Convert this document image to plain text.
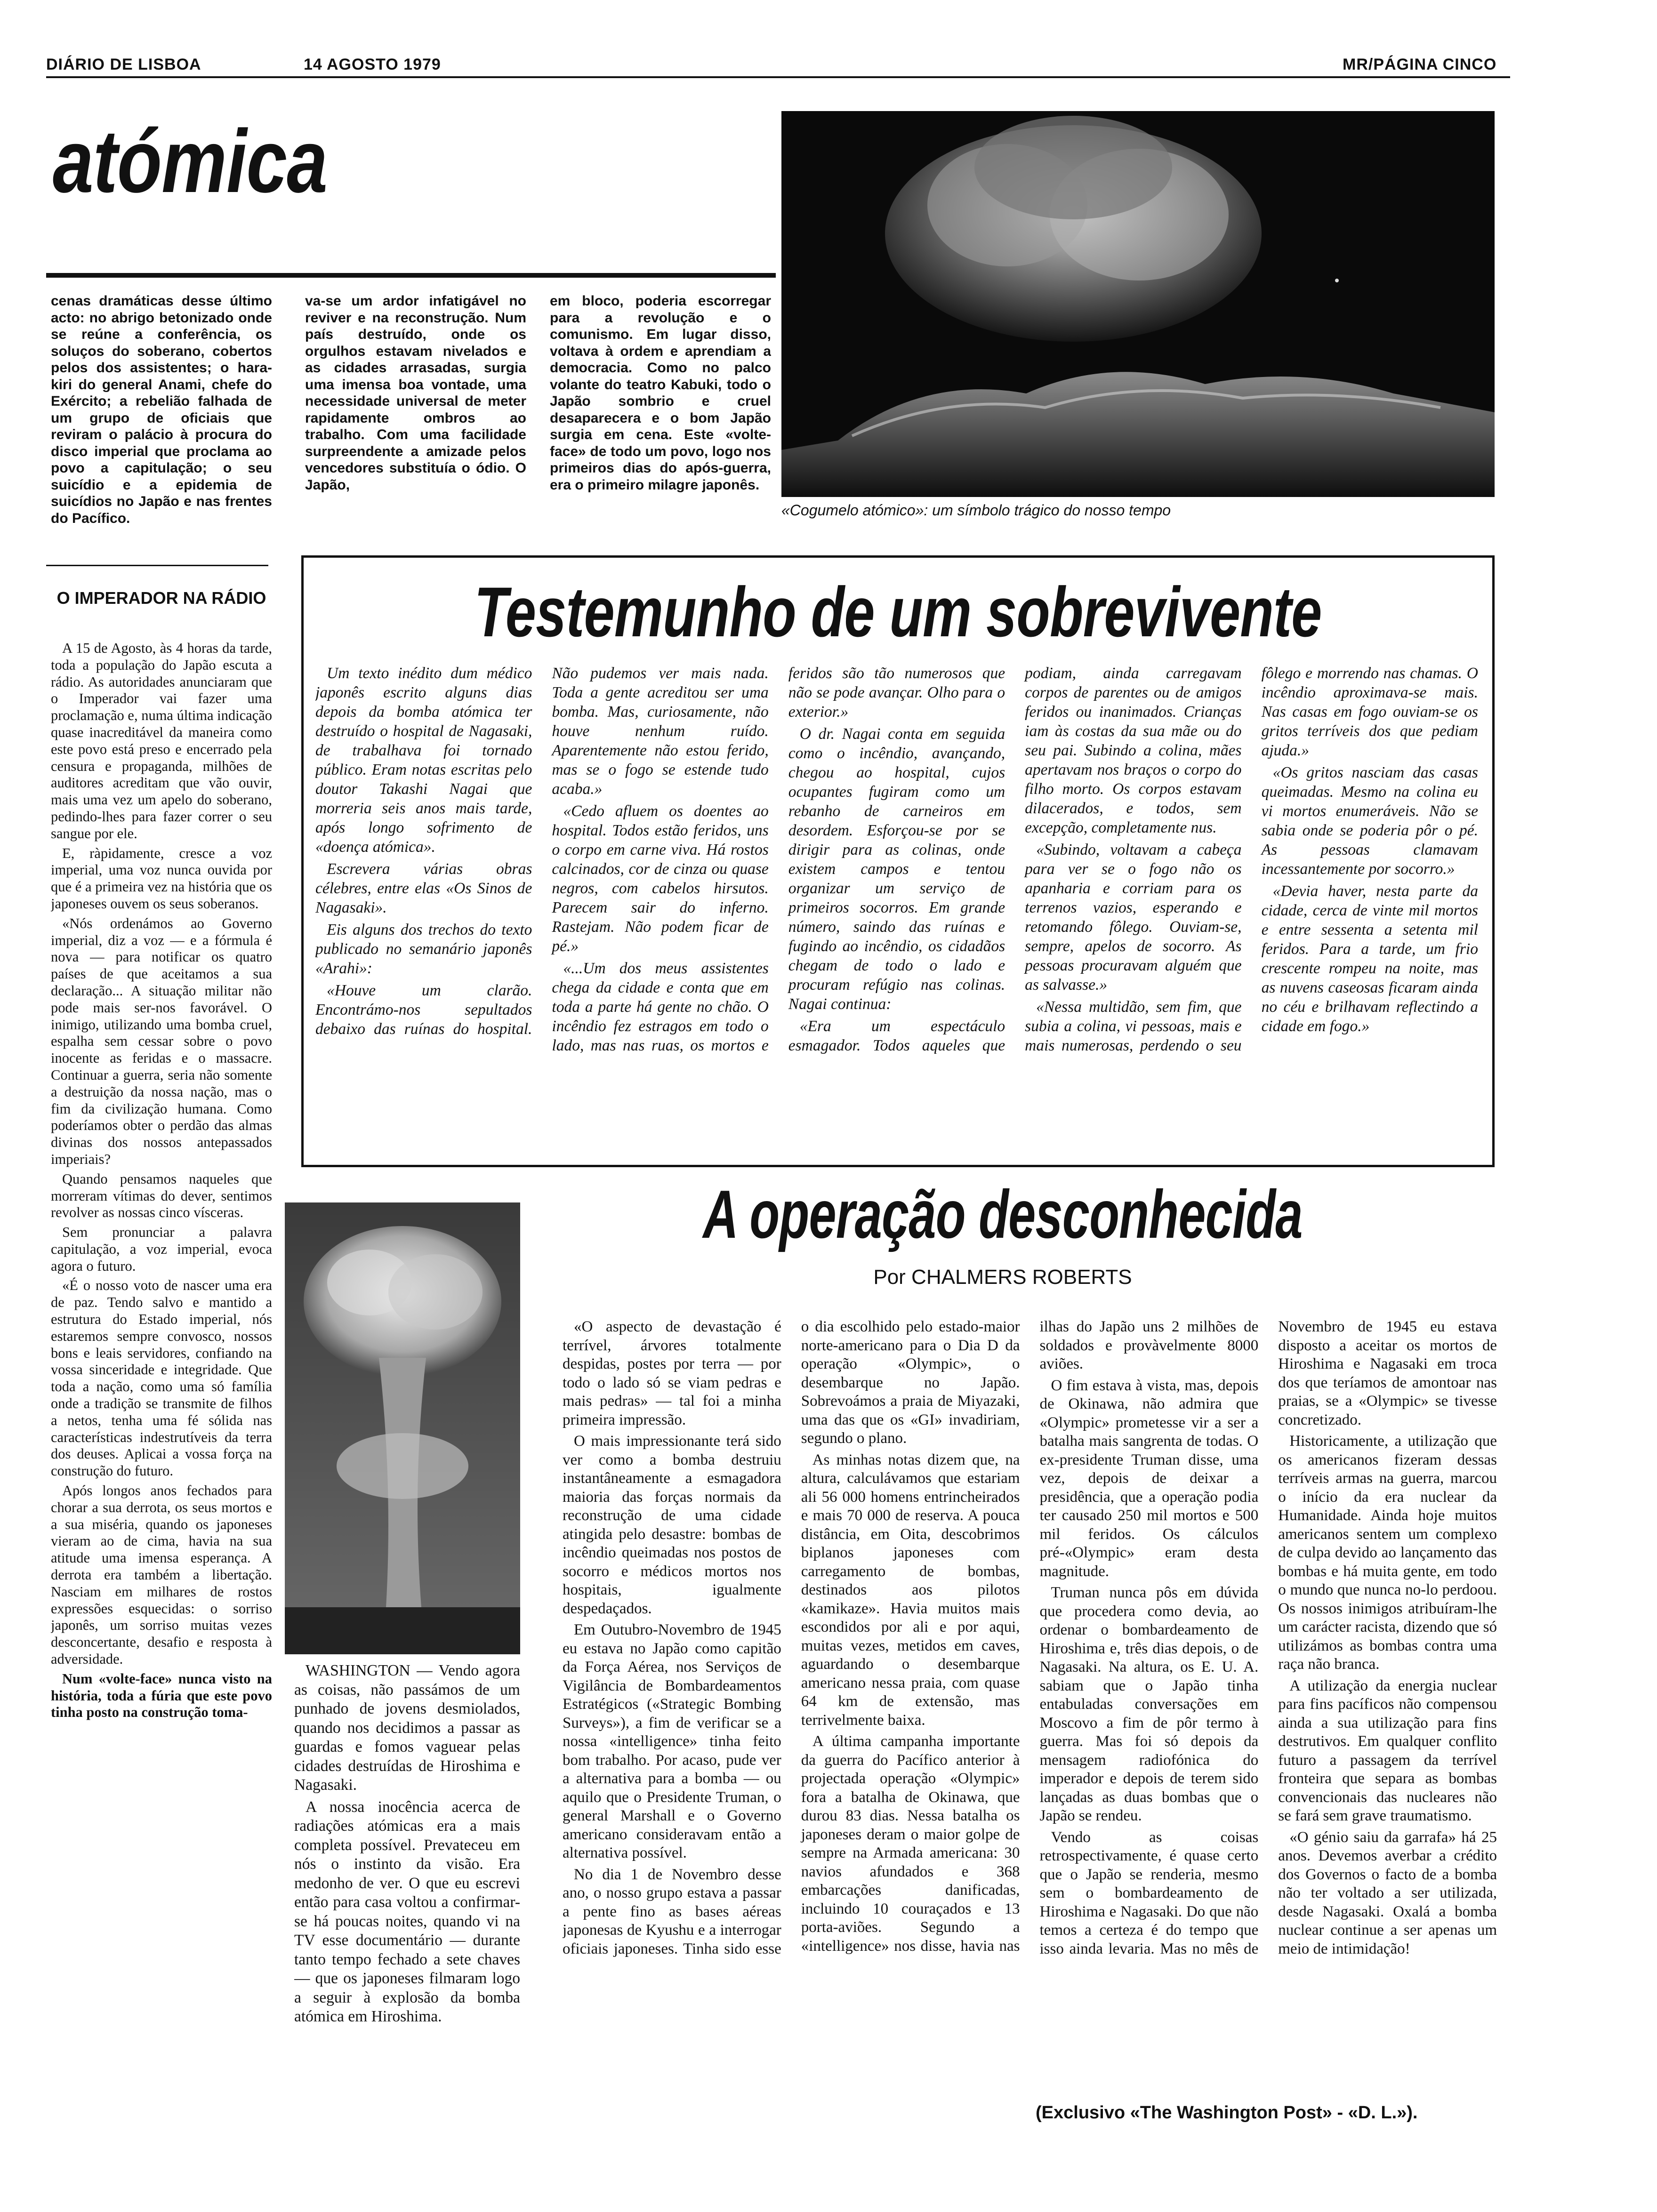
DIÁRIO DE LISBOA	14 AGOSTO 1979	MR/PÁGINA CINCO
atómica
cenas dramáticas desse último acto: no abrigo betonizado onde se reúne a conferência, os soluços do soberano, cobertos pelos dos assistentes; o hara-kiri do general Anami, chefe do Exército; a rebelião falhada de um grupo de oficiais que reviram o palácio à procura do disco imperial que proclama ao povo a capitulação; o seu suicídio e a epidemia de suicídios no Japão e nas frentes do Pacífico.
va-se um ardor infatigável no reviver e na reconstrução. Num país destruído, onde os orgulhos estavam nivelados e as cidades arrasadas, surgia uma imensa boa vontade, uma necessidade universal de meter rapidamente ombros ao trabalho. Com uma facilidade surpreendente a amizade pelos vencedores substituía o ódio. O Japão,
em bloco, poderia escorregar para a revolução e o comunismo. Em lugar disso, voltava à ordem e aprendiam a democracia. Como no palco volante do teatro Kabuki, todo o Japão sombrio e cruel desaparecera e o bom Japão surgia em cena. Este «volte-face» de todo um povo, logo nos primeiros dias do após-guerra, era o primeiro milagre japonês.
«Cogumelo atómico»: um símbolo trágico do nosso tempo
O IMPERADOR NA RÁDIO

A 15 de Agosto, às 4 horas da tarde, toda a população do Japão escuta a rádio. As autoridades anunciaram que o Imperador vai fazer uma proclamação e, numa última indicação quase inacreditável da maneira como este povo está preso e encerrado pela censura e propaganda, milhões de auditores acreditam que vão ouvir, mais uma vez um apelo do soberano, pedindo-lhes para fazer correr o seu sangue por ele.

E, ràpidamente, cresce a voz imperial, uma voz nunca ouvida por que é a primeira vez na história que os japoneses ouvem os seus soberanos.

«Nós ordenámos ao Governo imperial, diz a voz — e a fórmula é nova — para notificar os quatro países de que aceitamos a sua declaração... A situação militar não pode mais ser-nos favorável. O inimigo, utilizando uma bomba cruel, espalha sem cessar sobre o povo inocente as feridas e o massacre. Continuar a guerra, seria não somente a destruição da nossa nação, mas o fim da civilização humana. Como poderíamos obter o perdão das almas divinas dos nossos antepassados imperiais?

Quando pensamos naqueles que morreram vítimas do dever, sentimos revolver as nossas cinco vísceras.

Sem pronunciar a palavra capitulação, a voz imperial, evoca agora o futuro.

«É o nosso voto de nascer uma era de paz. Tendo salvo e mantido a estrutura do Estado imperial, nós estaremos sempre convosco, nossos bons e leais servidores, confiando na vossa sinceridade e integridade. Que toda a nação, como uma só família onde a tradição se transmite de filhos a netos, tenha uma fé sólida nas características indestrutíveis da terra dos deuses. Aplicai a vossa força na construção do futuro.

Após longos anos fechados para chorar a sua derrota, os seus mortos e a sua miséria, quando os japoneses vieram ao de cima, havia na sua atitude uma imensa esperança. A derrota era também a libertação. Nasciam em milhares de rostos expressões esquecidas: o sorriso japonês, um sorriso muitas vezes desconcertante, desafio e resposta à adversidade.

Num «volte-face» nunca visto na história, toda a fúria que este povo tinha posto na construção toma-

Testemunho de um sobrevivente

Um texto inédito dum médico japonês escrito alguns dias depois da bomba atómica ter destruído o hospital de Nagasaki, de trabalhava foi tornado público. Eram notas escritas pelo doutor Takashi Nagai que morreria seis anos mais tarde, após longo sofrimento de «doença atómica».

Escrevera várias obras célebres, entre elas «Os Sinos de Nagasaki».

Eis alguns dos trechos do texto publicado no semanário japonês «Arahi»:

«Houve um clarão. Encontrámo-nos sepultados debaixo das ruínas do hospital. Não pudemos ver mais nada. Toda a gente acreditou ser uma bomba. Mas, curiosamente, não houve nenhum ruído. Aparentemente não estou ferido, mas se o fogo se estende tudo acaba.»

«Cedo afluem os doentes ao hospital. Todos estão feridos, uns o corpo em carne viva. Há rostos calcinados, cor de cinza ou quase negros, com cabelos hirsutos. Parecem sair do inferno. Rastejam. Não podem ficar de pé.»

«...Um dos meus assistentes chega da cidade e conta que em toda a parte há gente no chão. O incêndio fez estragos em todo o lado, mas nas ruas, os mortos e feridos são tão numerosos que não se pode avançar. Olho para o exterior.»

O dr. Nagai conta em seguida como o incêndio, avançando, chegou ao hospital, cujos ocupantes fugiram como um rebanho de carneiros em desordem. Esforçou-se por se dirigir para as colinas, onde existem campos e tentou organizar um serviço de primeiros socorros. Em grande número, saindo das ruínas e fugindo ao incêndio, os cidadãos chegam de todo o lado e procuram refúgio nas colinas. Nagai continua:

«Era um espectáculo esmagador. Todos aqueles que podiam, ainda carregavam corpos de parentes ou de amigos feridos ou inanimados. Crianças iam às costas da sua mãe ou do seu pai. Subindo a colina, mães apertavam nos braços o corpo do filho morto. Os corpos estavam dilacerados, e todos, sem excepção, completamente nus.

«Subindo, voltavam a cabeça para ver se o fogo não os apanharia e corriam para os terrenos vazios, esperando e retomando fôlego. Ouviam-se, sempre, apelos de socorro. As pessoas procuravam alguém que as salvasse.»

«Nessa multidão, sem fim, que subia a colina, vi pessoas, mais e mais numerosas, perdendo o seu fôlego e morrendo nas chamas. O incêndio aproximava-se mais. Nas casas em fogo ouviam-se os gritos terríveis dos que pediam ajuda.»

«Os gritos nasciam das casas queimadas. Mesmo na colina eu vi mortos enumeráveis. Não se sabia onde se poderia pôr o pé. As pessoas clamavam incessantemente por socorro.»

«Devia haver, nesta parte da cidade, cerca de vinte mil mortos e entre sessenta a setenta mil feridos. Para a tarde, um frio crescente rompeu na noite, mas as nuvens caseosas ficaram ainda no céu e brilhavam reflectindo a cidade em fogo.»

A operação desconhecida
Por CHALMERS ROBERTS

WASHINGTON — Vendo agora as coisas, não passámos de um punhado de jovens desmiolados, quando nos decidimos a passar as guardas e fomos vaguear pelas cidades destruídas de Hiroshima e Nagasaki.

A nossa inocência acerca de radiações atómicas era a mais completa possível. Prevateceu em nós o instinto da visão. Era medonho de ver. O que eu escrevi então para casa voltou a confirmar-se há poucas noites, quando vi na TV esse documentário — durante tanto tempo fechado a sete chaves — que os japoneses filmaram logo a seguir à explosão da bomba atómica em Hiroshima.

«O aspecto de devastação é terrível, árvores totalmente despidas, postes por terra — por todo o lado só se viam pedras e mais pedras» — tal foi a minha primeira impressão.

O mais impressionante terá sido ver como a bomba destruiu instantâneamente a esmagadora maioria das forças normais da reconstrução de uma cidade atingida pelo desastre: bombas de incêndio queimadas nos postos de socorro e médicos mortos nos hospitais, igualmente despedaçados.

Em Outubro-Novembro de 1945 eu estava no Japão como capitão da Força Aérea, nos Serviços de Vigilância de Bombardeamentos Estratégicos («Strategic Bombing Surveys»), a fim de verificar se a nossa «intelligence» tinha feito bom trabalho. Por acaso, pude ver a alternativa para a bomba — ou aquilo que o Presidente Truman, o general Marshall e o Governo americano consideravam então a alternativa possível.

No dia 1 de Novembro desse ano, o nosso grupo estava a passar a pente fino as bases aéreas japonesas de Kyushu e a interrogar oficiais japoneses. Tinha sido esse o dia escolhido pelo estado-maior norte-americano para o Dia D da operação «Olympic», o desembarque no Japão. Sobrevoámos a praia de Miyazaki, uma das que os «GI» invadiriam, segundo o plano.

As minhas notas dizem que, na altura, calculávamos que estariam ali 56 000 homens entrincheirados e mais 70 000 de reserva. A pouca distância, em Oita, descobrimos biplanos japoneses com carregamento de bombas, destinados aos pilotos «kamikaze». Havia muitos mais escondidos por ali e por aqui, muitas vezes, metidos em caves, aguardando o desembarque americano nessa praia, com quase 64 km de extensão, mas terrivelmente baixa.

A última campanha importante da guerra do Pacífico anterior à projectada operação «Olympic» fora a batalha de Okinawa, que durou 83 dias. Nessa batalha os japoneses deram o maior golpe de sempre na Armada americana: 30 navios afundados e 368 embarcações danificadas, incluindo 10 couraçados e 13 porta-aviões. Segundo a «intelligence» nos disse, havia nas ilhas do Japão uns 2 milhões de soldados e provàvelmente 8000 aviões.

O fim estava à vista, mas, depois de Okinawa, não admira que «Olympic» prometesse vir a ser a batalha mais sangrenta de todas. O ex-presidente Truman disse, uma vez, depois de deixar a presidência, que a operação podia ter causado 250 mil mortos e 500 mil feridos. Os cálculos pré-«Olympic» eram desta magnitude.

Truman nunca pôs em dúvida que procedera como devia, ao ordenar o bombardeamento de Hiroshima e, três dias depois, o de Nagasaki. Na altura, os E. U. A. sabiam que o Japão tinha entabuladas conversações em Moscovo a fim de pôr termo à guerra. Mas foi só depois da mensagem radiofónica do imperador e depois de terem sido lançadas as duas bombas que o Japão se rendeu.

Vendo as coisas retrospectivamente, é quase certo que o Japão se renderia, mesmo sem o bombardeamento de Hiroshima e Nagasaki. Do que não temos a certeza é do tempo que isso ainda levaria. Mas no mês de Novembro de 1945 eu estava disposto a aceitar os mortos de Hiroshima e Nagasaki em troca dos que teríamos de amontoar nas praias, se a «Olympic» se tivesse concretizado.

Historicamente, a utilização que os americanos fizeram dessas terríveis armas na guerra, marcou o início da era nuclear da Humanidade. Ainda hoje muitos americanos sentem um complexo de culpa devido ao lançamento das bombas e há muita gente, em todo o mundo que nunca no-lo perdoou. Os nossos inimigos atribuíram-lhe um carácter racista, dizendo que só utilizámos as bombas contra uma raça não branca.

A utilização da energia nuclear para fins pacíficos não compensou ainda a sua utilização para fins destrutivos. Em qualquer conflito futuro a passagem da terrível fronteira que separa as bombas convencionais das nucleares não se fará sem grave traumatismo.

«O génio saiu da garrafa» há 25 anos. Devemos averbar a crédito dos Governos o facto de a bomba não ter voltado a ser utilizada, desde Nagasaki. Oxalá a bomba nuclear continue a ser apenas um meio de intimidação!

(Exclusivo «The Washington Post» - «D. L.»).
